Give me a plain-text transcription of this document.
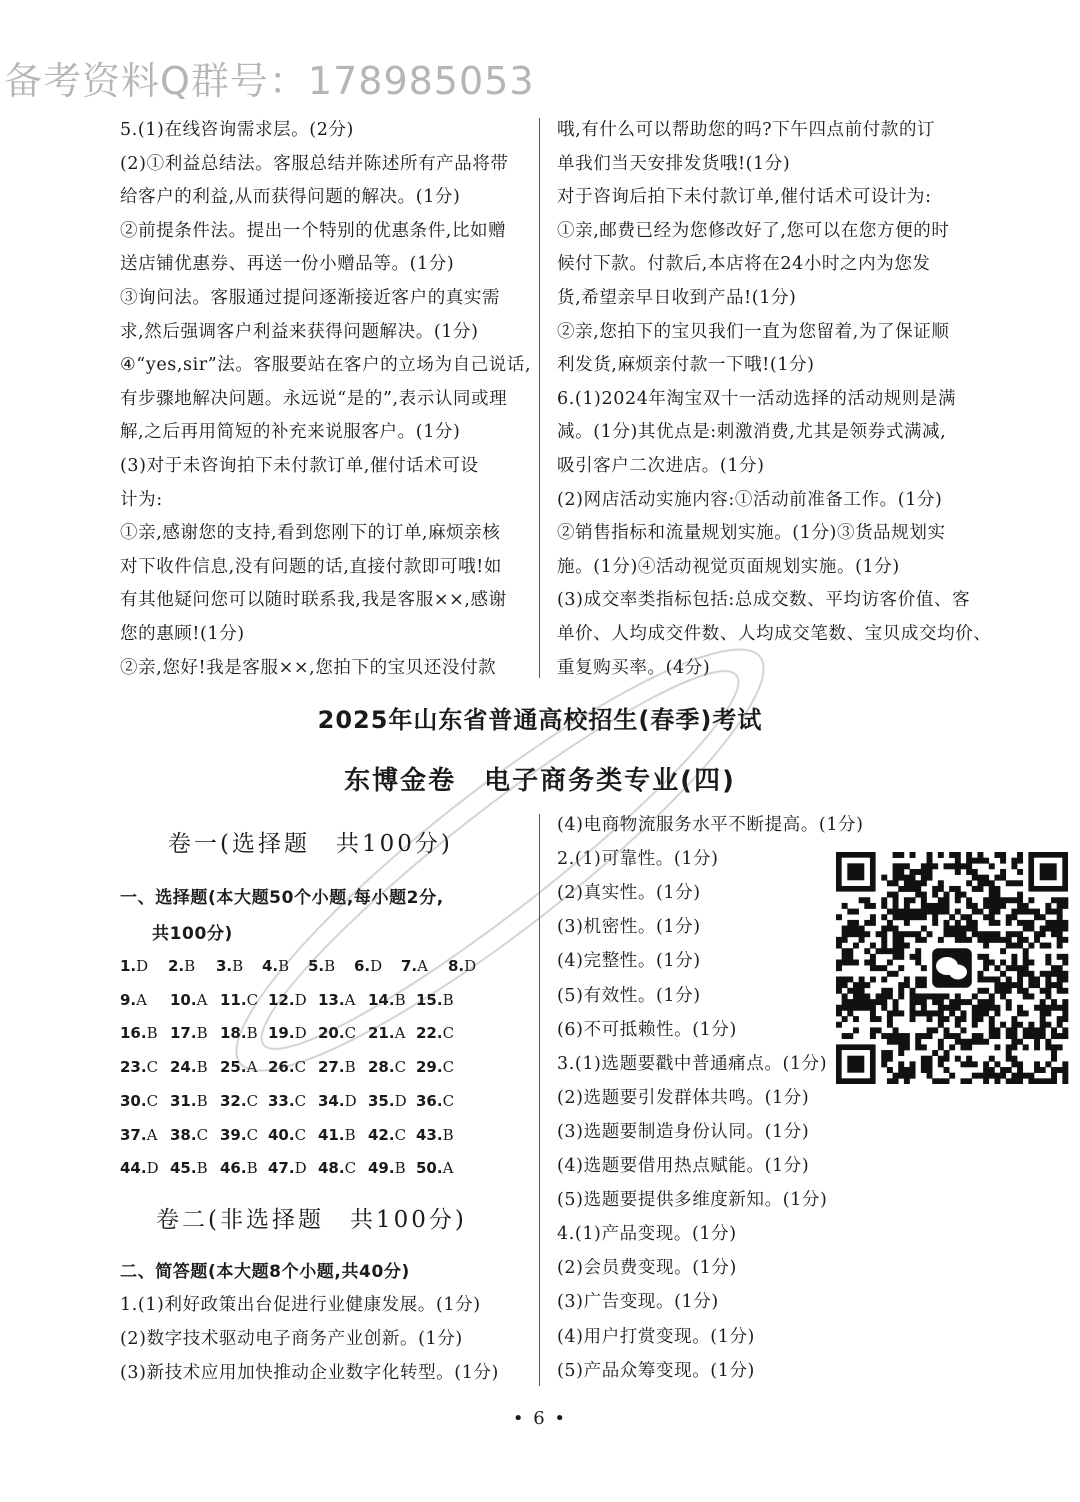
备考资料Q群号：178985053
5.(1)在线咨询需求层。(2分)
(2)①利益总结法。客服总结并陈述所有产品将带
给客户的利益,从而获得问题的解决。(1分)
②前提条件法。提出一个特别的优惠条件,比如赠
送店铺优惠券、再送一份小赠品等。(1分)
③询问法。客服通过提问逐渐接近客户的真实需
求,然后强调客户利益来获得问题解决。(1分)
④“yes,sir”法。客服要站在客户的立场为自己说话,
有步骤地解决问题。永远说“是的”,表示认同或理
解,之后再用简短的补充来说服客户。(1分)
(3)对于未咨询拍下未付款订单,催付话术可设
计为:
①亲,感谢您的支持,看到您刚下的订单,麻烦亲核
对下收件信息,没有问题的话,直接付款即可哦!如
有其他疑问您可以随时联系我,我是客服××,感谢
您的惠顾!(1分)
②亲,您好!我是客服××,您拍下的宝贝还没付款
哦,有什么可以帮助您的吗?下午四点前付款的订
单我们当天安排发货哦!(1分)
对于咨询后拍下未付款订单,催付话术可设计为:
①亲,邮费已经为您修改好了,您可以在您方便的时
候付下款。付款后,本店将在24小时之内为您发
货,希望亲早日收到产品!(1分)
②亲,您拍下的宝贝我们一直为您留着,为了保证顺
利发货,麻烦亲付款一下哦!(1分)
6.(1)2024年淘宝双十一活动选择的活动规则是满
减。(1分)其优点是:刺激消费,尤其是领券式满减,
吸引客户二次进店。(1分)
(2)网店活动实施内容:①活动前准备工作。(1分)
②销售指标和流量规划实施。(1分)③货品规划实
施。(1分)④活动视觉页面规划实施。(1分)
(3)成交率类指标包括:总成交数、平均访客价值、客
单价、人均成交件数、人均成交笔数、宝贝成交均价、
重复购买率。(4分)
2025年山东省普通高校招生(春季)考试
东博金卷　电子商务类专业(四)
卷一(选择题　共100分)
一、选择题(本大题50个小题,每小题2分,
共100分)
1.D 2.B 3.B 4.B 5.B 6.D 7.A 8.D
9.A 10.A 11.C 12.D 13.A 14.B 15.B
16.B 17.B 18.B 19.D 20.C 21.A 22.C
23.C 24.B 25.A 26.C 27.B 28.C 29.C
30.C 31.B 32.C 33.C 34.D 35.D 36.C
37.A 38.C 39.C 40.C 41.B 42.C 43.B
44.D 45.B 46.B 47.D 48.C 49.B 50.A
卷二(非选择题　共100分)
二、简答题(本大题8个小题,共40分)
1.(1)利好政策出台促进行业健康发展。(1分)
(2)数字技术驱动电子商务产业创新。(1分)
(3)新技术应用加快推动企业数字化转型。(1分)
(4)电商物流服务水平不断提高。(1分)
2.(1)可靠性。(1分)
(2)真实性。(1分)
(3)机密性。(1分)
(4)完整性。(1分)
(5)有效性。(1分)
(6)不可抵赖性。(1分)
3.(1)选题要戳中普通痛点。(1分)
(2)选题要引发群体共鸣。(1分)
(3)选题要制造身份认同。(1分)
(4)选题要借用热点赋能。(1分)
(5)选题要提供多维度新知。(1分)
4.(1)产品变现。(1分)
(2)会员费变现。(1分)
(3)广告变现。(1分)
(4)用户打赏变现。(1分)
(5)产品众筹变现。(1分)
• 6 •
